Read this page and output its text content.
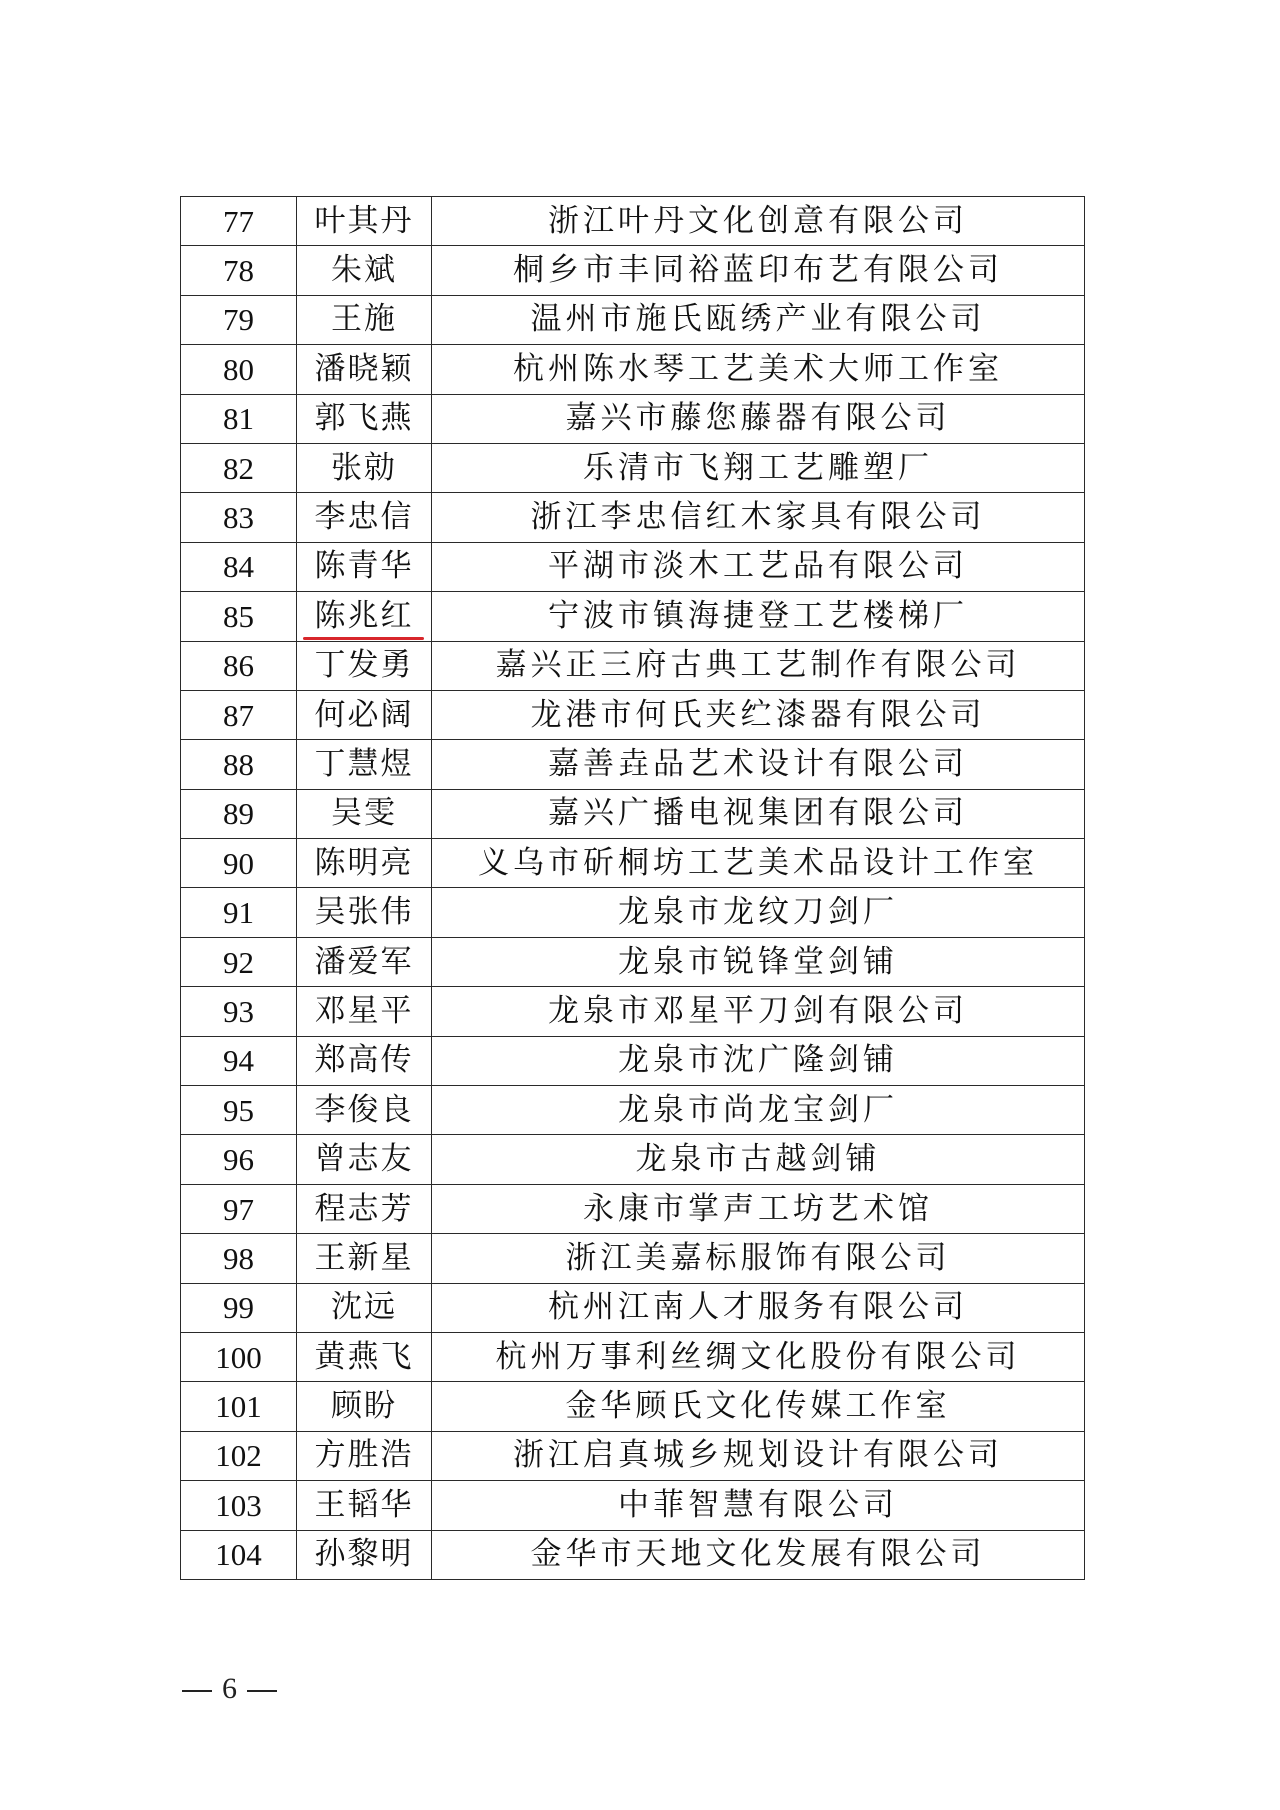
77	叶其丹	浙江叶丹文化创意有限公司
78	朱斌	桐乡市丰同裕蓝印布艺有限公司
79	王施	温州市施氏瓯绣产业有限公司
80	潘晓颖	杭州陈水琴工艺美术大师工作室
81	郭飞燕	嘉兴市藤您藤器有限公司
82	张勍	乐清市飞翔工艺雕塑厂
83	李忠信	浙江李忠信红木家具有限公司
84	陈青华	平湖市淡木工艺品有限公司
85	陈兆红	宁波市镇海捷登工艺楼梯厂
86	丁发勇	嘉兴正三府古典工艺制作有限公司
87	何必阔	龙港市何氏夹纻漆器有限公司
88	丁慧煜	嘉善垚品艺术设计有限公司
89	吴雯	嘉兴广播电视集团有限公司
90	陈明亮	义乌市斫桐坊工艺美术品设计工作室
91	吴张伟	龙泉市龙纹刀剑厂
92	潘爱军	龙泉市锐锋堂剑铺
93	邓星平	龙泉市邓星平刀剑有限公司
94	郑高传	龙泉市沈广隆剑铺
95	李俊良	龙泉市尚龙宝剑厂
96	曾志友	龙泉市古越剑铺
97	程志芳	永康市掌声工坊艺术馆
98	王新星	浙江美嘉标服饰有限公司
99	沈远	杭州江南人才服务有限公司
100	黄燕飞	杭州万事利丝绸文化股份有限公司
101	顾盼	金华顾氏文化传媒工作室
102	方胜浩	浙江启真城乡规划设计有限公司
103	王韬华	中菲智慧有限公司
104	孙黎明	金华市天地文化发展有限公司
6
